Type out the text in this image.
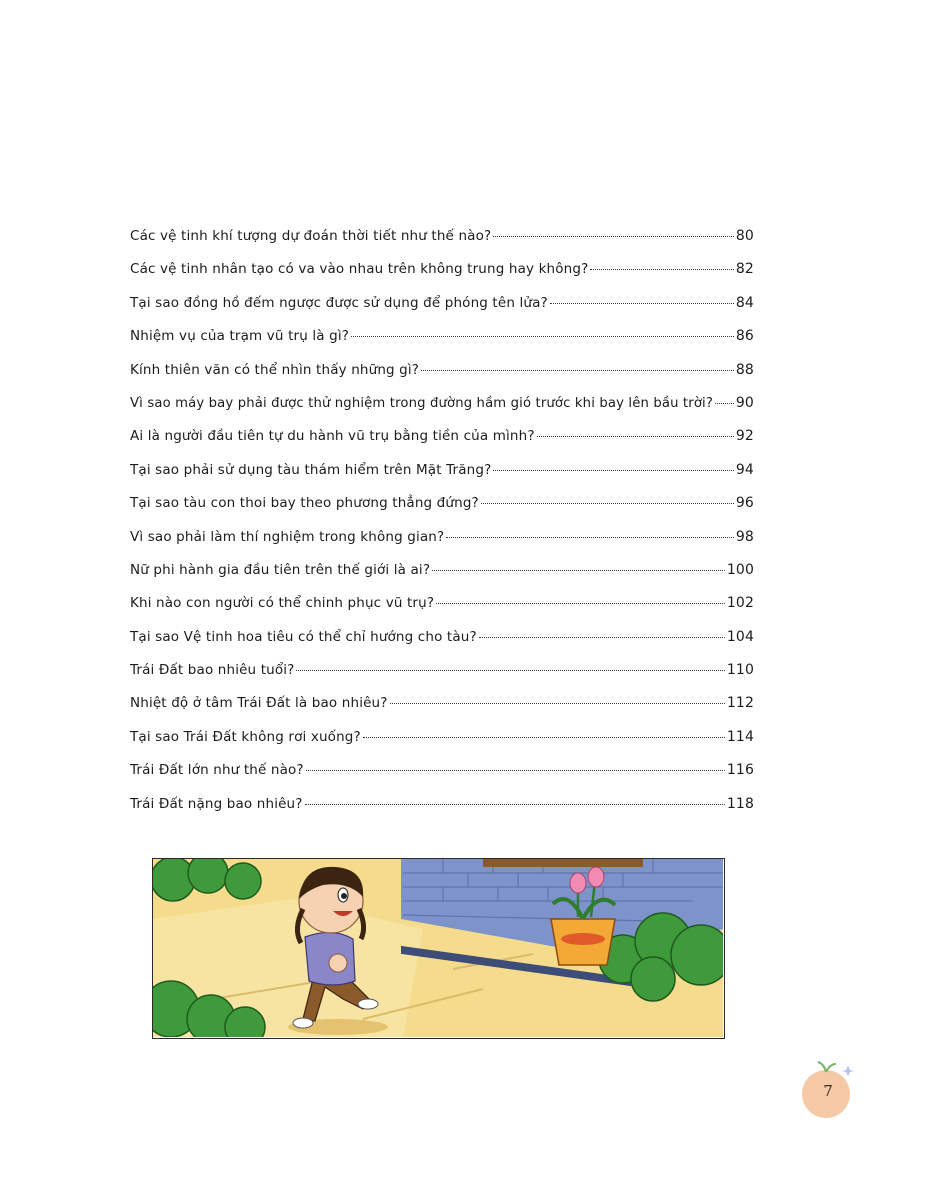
Các vệ tinh khí tượng dự đoán thời tiết như thế nào?	80
Các vệ tinh nhân tạo có va vào nhau trên không trung hay không?	82
Tại sao đồng hồ đếm ngược được sử dụng để phóng tên lửa?	84
Nhiệm vụ của trạm vũ trụ là gì?	86
Kính thiên văn có thể nhìn thấy những gì?	88
Vì sao máy bay phải được thử nghiệm trong đường hầm gió trước khi bay lên bầu trời? 90
Ai là người đầu tiên tự du hành vũ trụ bằng tiền của mình?	92
Tại sao phải sử dụng tàu thám hiểm trên Mặt Trăng?	94
Tại sao tàu con thoi bay theo phương thẳng đứng?	96
Vì sao phải làm thí nghiệm trong không gian?	98
Nữ phi hành gia đầu tiên trên thế giới là ai?	100
Khi nào con người có thể chinh phục vũ trụ?	102
Tại sao Vệ tinh hoa tiêu có thể chỉ hướng cho tàu?	104
Trái Đất bao nhiêu tuổi?	110
Nhiệt độ ở tâm Trái Đất là bao nhiêu?	112
Tại sao Trái Đất không rơi xuống?	114
Trái Đất lớn như thế nào?	116
Trái Đất nặng bao nhiêu?	118
7
